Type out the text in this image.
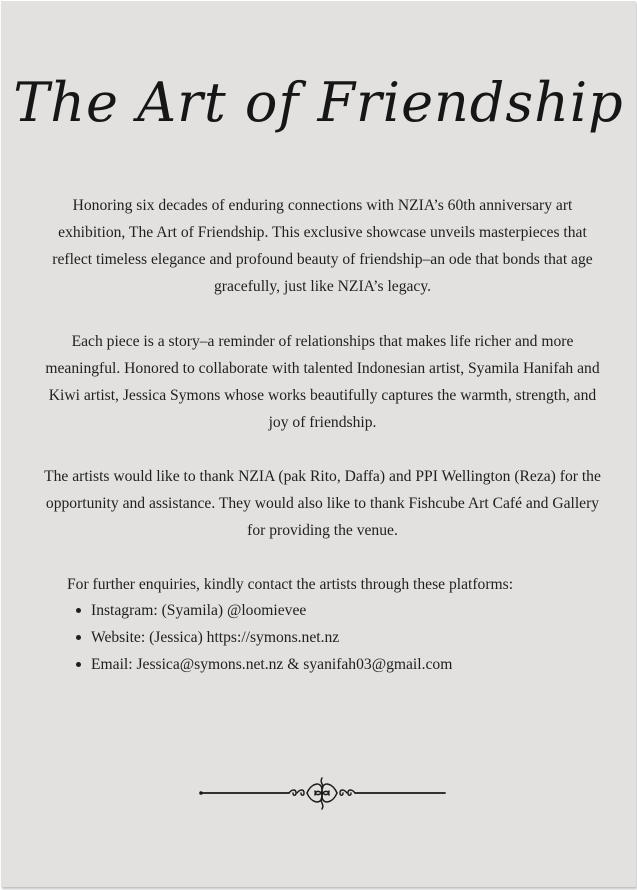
The Art of Friendship

Honoring six decades of enduring connections with NZIA’s 60th anniversary art exhibition, The Art of Friendship. This exclusive showcase unveils masterpieces that reflect timeless elegance and profound beauty of friendship–an ode that bonds that age gracefully, just like NZIA’s legacy.

Each piece is a story–a reminder of relationships that makes life richer and more meaningful. Honored to collaborate with talented Indonesian artist, Syamila Hanifah and Kiwi artist, Jessica Symons whose works beautifully captures the warmth, strength, and joy of friendship.

The artists would like to thank NZIA (pak Rito, Daffa) and PPI Wellington (Reza) for the opportunity and assistance. They would also like to thank Fishcube Art Café and Gallery for providing the venue.

For further enquiries, kindly contact the artists through these platforms:

Instagram: (Syamila) @loomievee
Website: (Jessica) https://symons.net.nz
Email: Jessica@symons.net.nz & syanifah03@gmail.com
